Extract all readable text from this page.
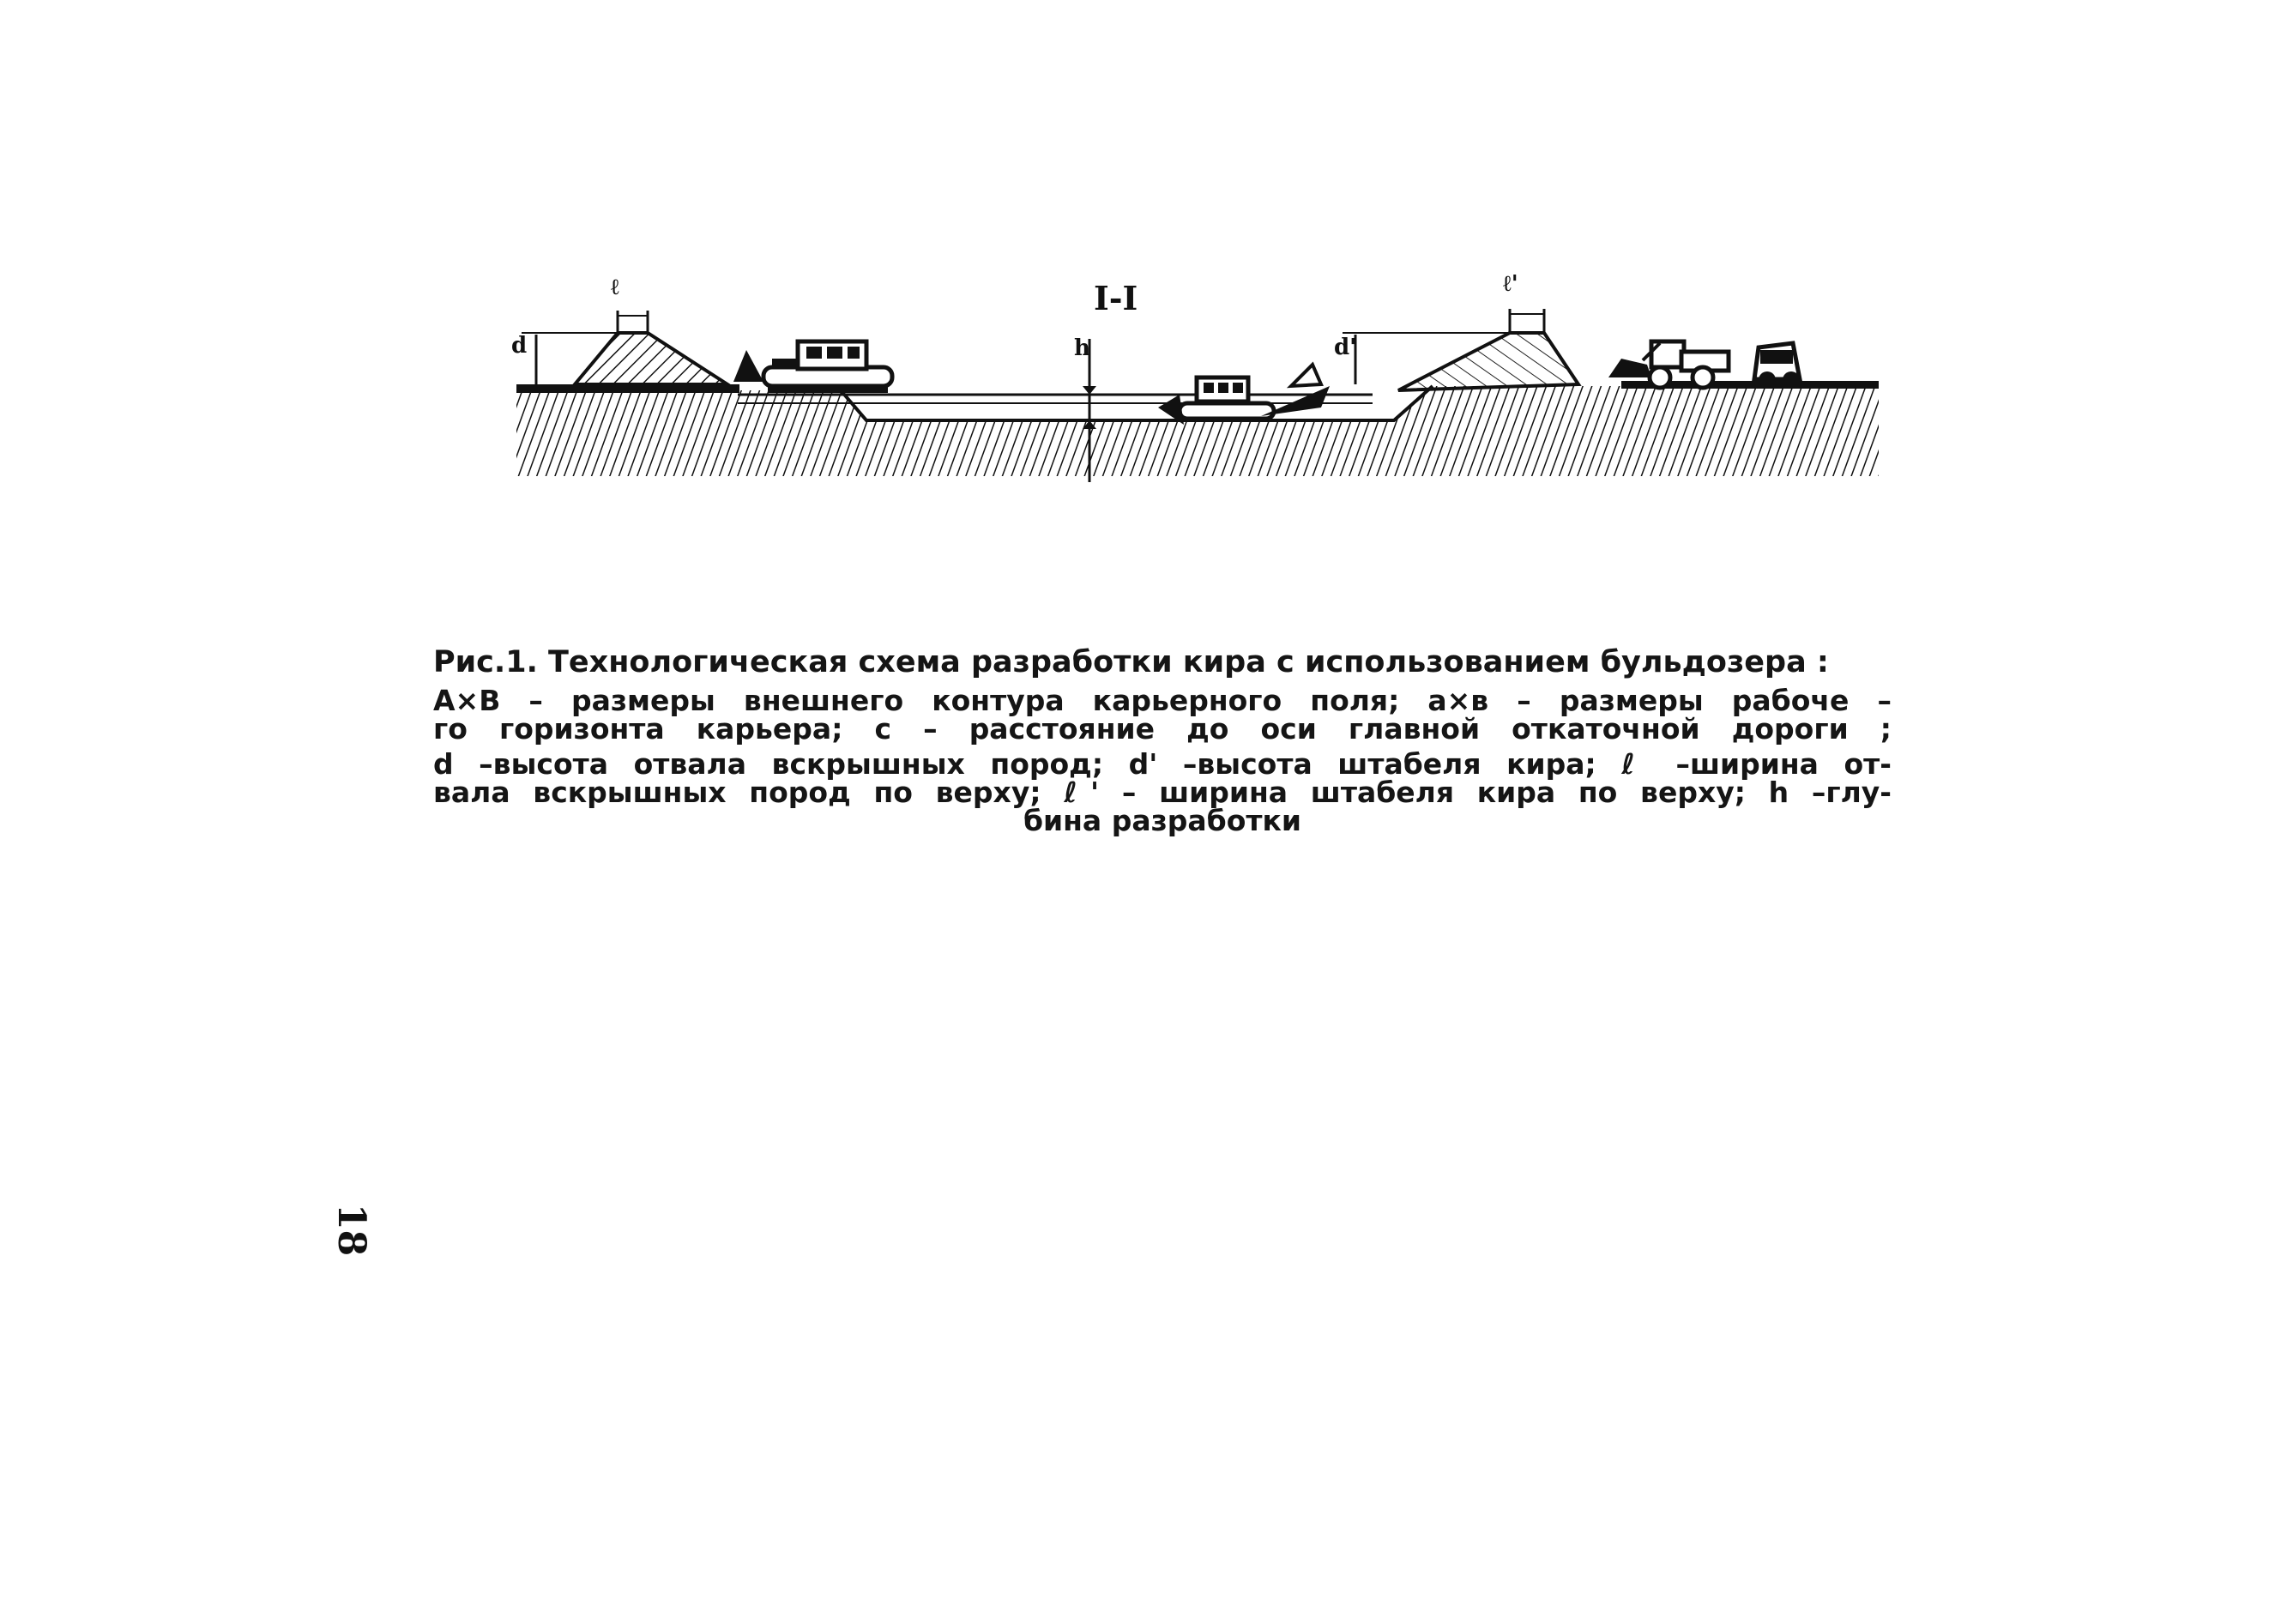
I-I
ℓ
d
ℓ'
d'
h

Рис.1. Технологическая схема разработки кира с использованием бульдозера :

A×B – размеры внешнего контура карьерного поля; a×в – размеры рабоче –

го горизонта карьера; c – расстояние до оси главной откаточной дороги ;

d –высота отвала вскрышных пород; d' –высота штабеля кира; ℓ –ширина от-

вала вскрышных пород по верху; ℓ' – ширина штабеля кира по верху; h –глу-

бина разработки

18
